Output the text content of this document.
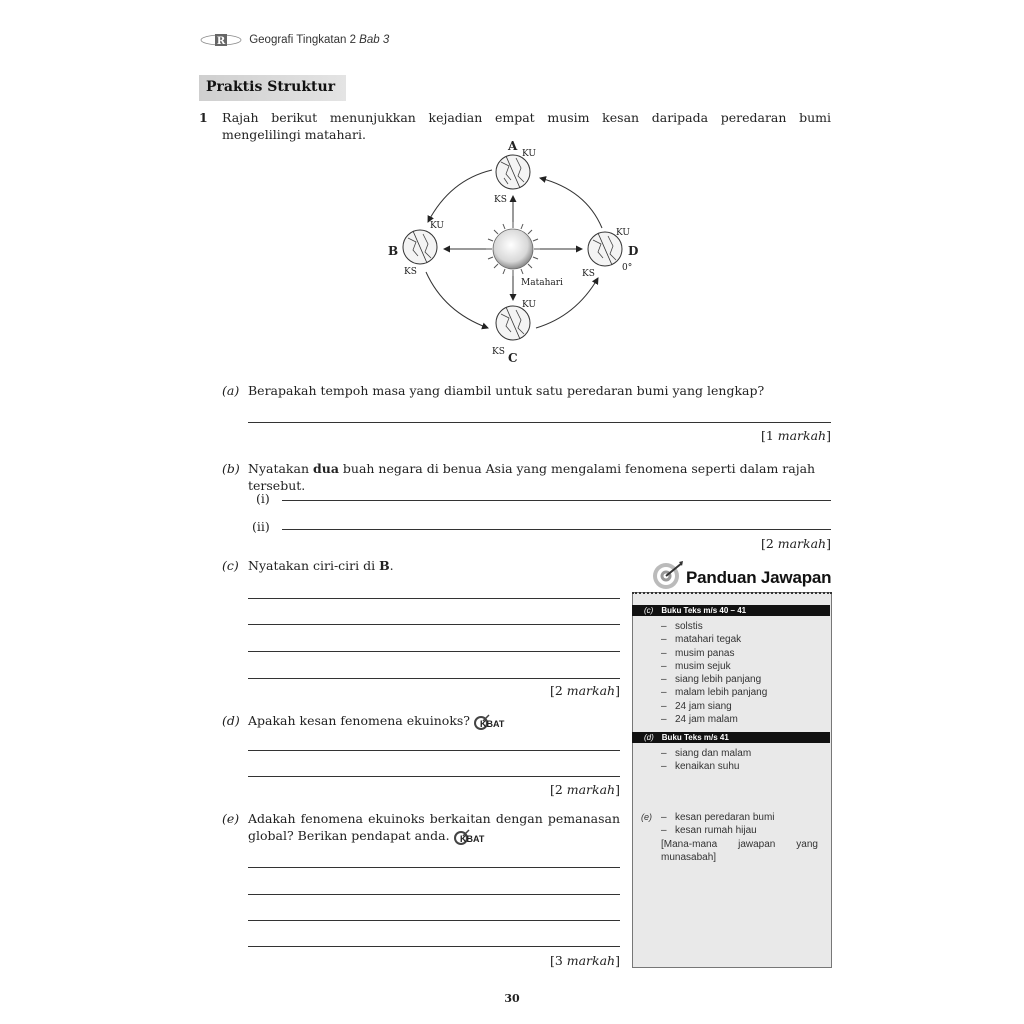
R Geografi Tingkatan 2 Bab 3
Praktis Struktur
1 Rajah berikut menunjukkan kejadian empat musim kesan daripada peredaran bumi mengelilingi matahari.
A
KU
KS
B
KU
KS
C
KU
KS
D
KU
KS
0°
Matahari
(a) Berapakah tempoh masa yang diambil untuk satu peredaran bumi yang lengkap?
[1 markah]
(b) Nyatakan dua buah negara di benua Asia yang mengalami fenomena seperti dalam rajah tersebut.
(i)
(ii)
[2 markah]
(c) Nyatakan ciri-ciri di B.
[2 markah]
(d) Apakah kesan fenomena ekuinoks? KBAT
[2 markah]
(e) Adakah fenomena ekuinoks berkaitan dengan pemanasan
global? Berikan pendapat anda. KBAT
[3 markah]
Panduan Jawapan
(c) Buku Teks m/s 40 – 41
– solstis
– matahari tegak
– musim panas
– musim sejuk
– siang lebih panjang
– malam lebih panjang
– 24 jam siang
– 24 jam malam
(d) Buku Teks m/s 41
– siang dan malam
– kenaikan suhu
(e)
–	kesan peredaran bumi
– kesan rumah hijau
[Mana-mana jawapan yang munasabah]
30
